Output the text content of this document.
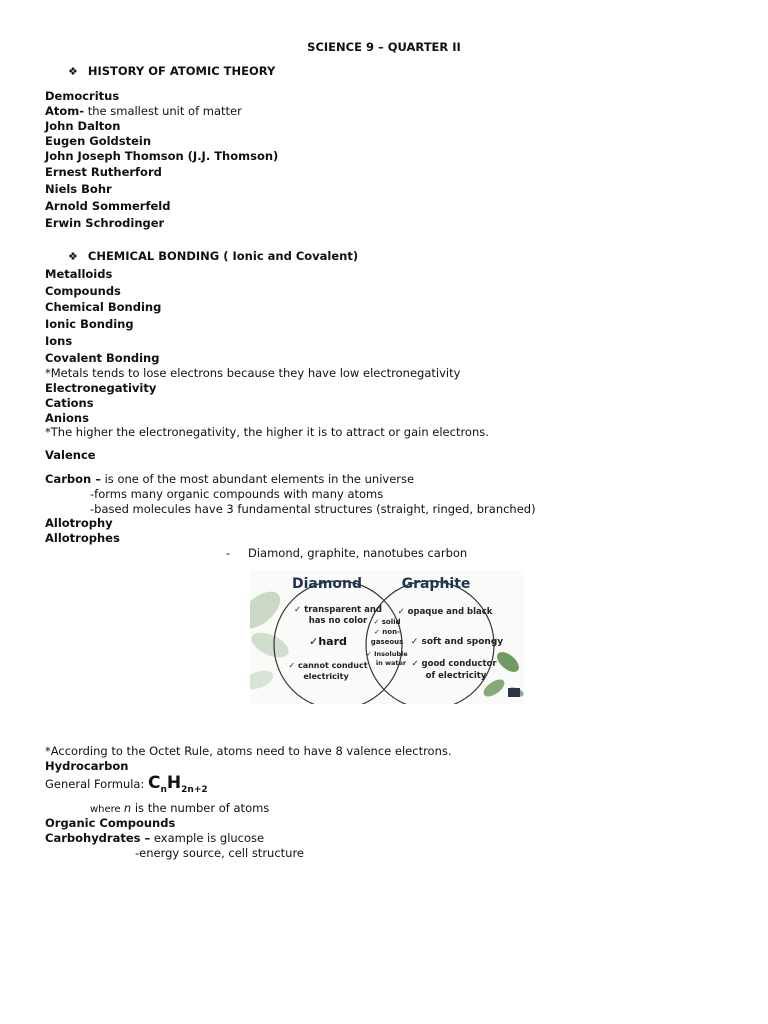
SCIENCE 9 – QUARTER II
❖ HISTORY OF ATOMIC THEORY
Democritus
Atom- the smallest unit of matter
John Dalton
Eugen Goldstein
John Joseph Thomson (J.J. Thomson)
Ernest Rutherford
Niels Bohr
Arnold Sommerfeld
Erwin Schrodinger
❖ CHEMICAL BONDING ( Ionic and Covalent)
Metalloids
Compounds
Chemical Bonding
Ionic Bonding
Ions
Covalent Bonding
*Metals tends to lose electrons because they have low electronegativity
Electronegativity
Cations
Anions
*The higher the electronegativity, the higher it is to attract or gain electrons.
Valence
Carbon – is one of the most abundant elements in the universe
-forms many organic compounds with many atoms
-based molecules have 3 fundamental structures (straight, ringed, branched)
Allotrophy
Allotrophes
- Diamond, graphite, nanotubes carbon
Diamond	Graphite
✓ transparent and
has no color
✓hard
✓ cannot conduct
electricity
✓ solid
✓ non-
gaseous
✓ Insoluble
in water
✓ opaque and black
✓ soft and spongy
✓ good conductor
of electricity
*According to the Octet Rule, atoms need to have 8 valence electrons.
Hydrocarbon
General Formula: $C_nH_{2n+2}$
where n is the number of atoms
Organic Compounds
Carbohydrates – example is glucose
-energy source, cell structure
